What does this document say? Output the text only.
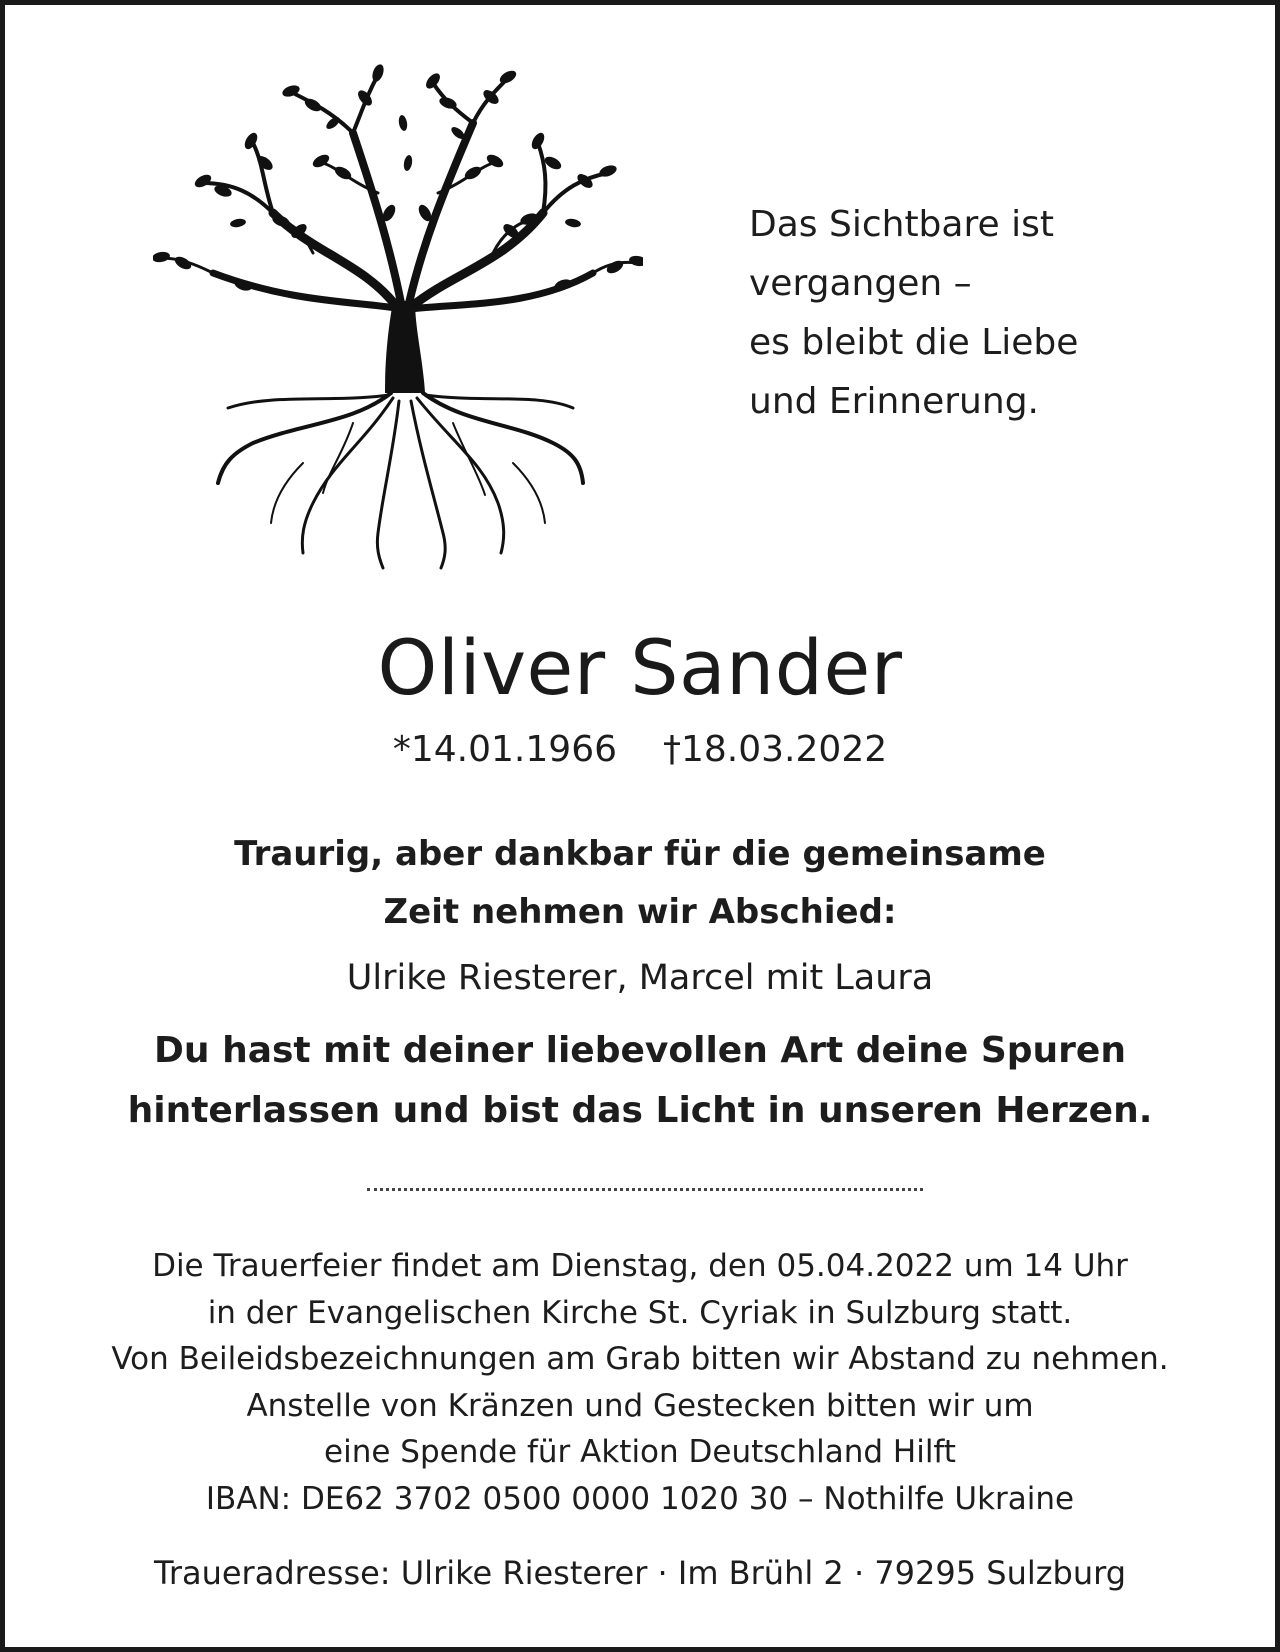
Das Sichtbare ist
vergangen –
es bleibt die Liebe
und Erinnerung.
Oliver Sander
*14.01.1966 †18.03.2022
Traurig, aber dankbar für die gemeinsame
Zeit nehmen wir Abschied:
Ulrike Riesterer, Marcel mit Laura
Du hast mit deiner liebevollen Art deine Spuren
hinterlassen und bist das Licht in unseren Herzen.
Die Trauerfeier findet am Dienstag, den 05.04.2022 um 14 Uhr
in der Evangelischen Kirche St. Cyriak in Sulzburg statt.
Von Beileidsbezeichnungen am Grab bitten wir Abstand zu nehmen.
Anstelle von Kränzen und Gestecken bitten wir um
eine Spende für Aktion Deutschland Hilft
IBAN: DE62 3702 0500 0000 1020 30 – Nothilfe Ukraine
Traueradresse: Ulrike Riesterer · Im Brühl 2 · 79295 Sulzburg
